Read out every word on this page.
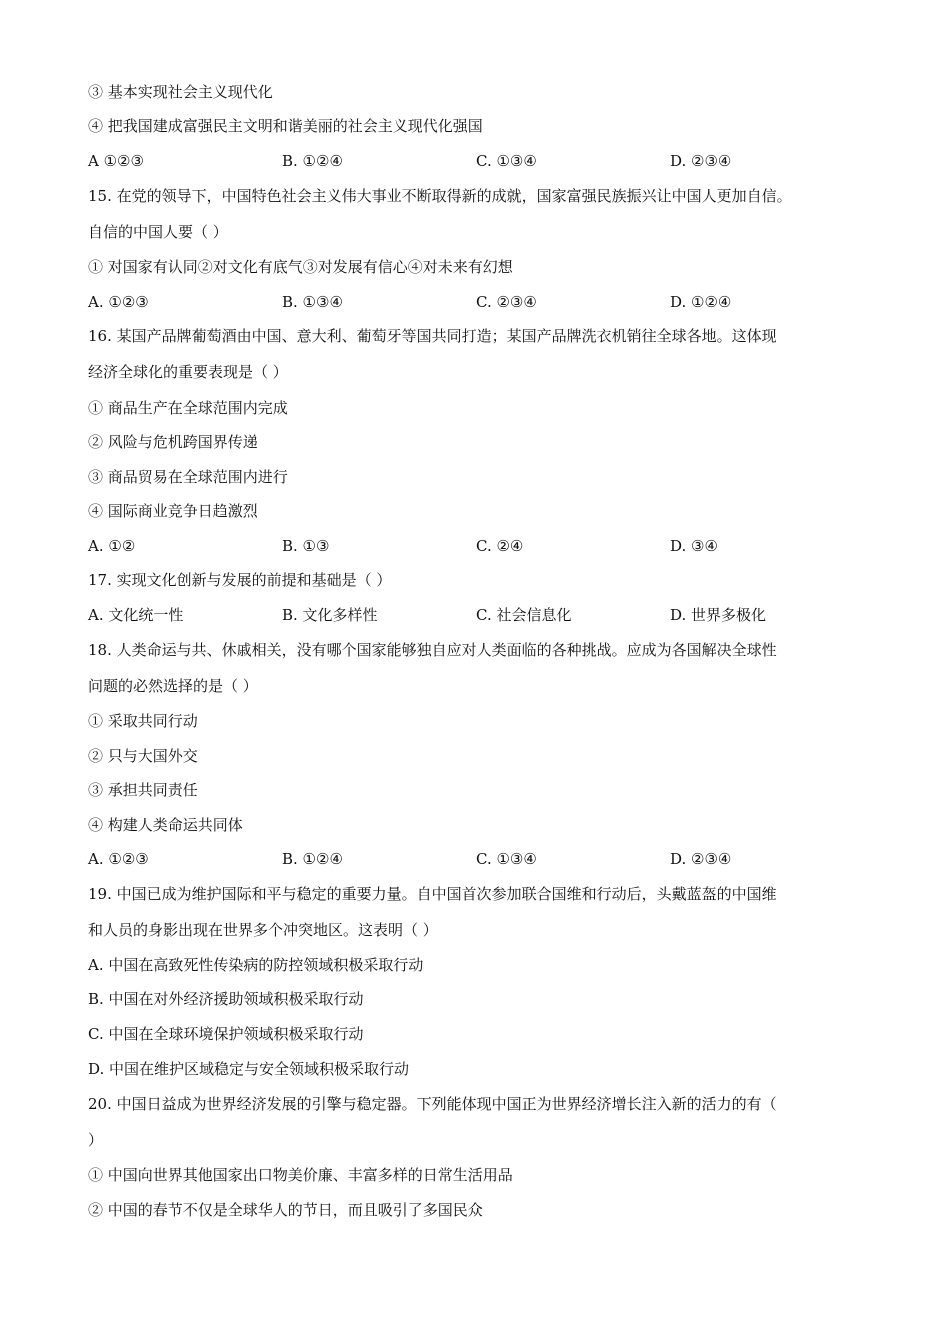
③ 基本实现社会主义现代化
④ 把我国建成富强民主文明和谐美丽的社会主义现代化强国
A ①②③	B. ①②④	C. ①③④	D. ②③④
15. 在党的领导下，中国特色社会主义伟大事业不断取得新的成就，国家富强民族振兴让中国人更加自信。
自信的中国人要（ ）
① 对国家有认同②对文化有底气③对发展有信心④对未来有幻想
A. ①②③	B. ①③④	C. ②③④	D. ①②④
16. 某国产品牌葡萄酒由中国、意大利、葡萄牙等国共同打造；某国产品牌洗衣机销往全球各地。这体现
经济全球化的重要表现是（ ）
① 商品生产在全球范围内完成
② 风险与危机跨国界传递
③ 商品贸易在全球范围内进行
④ 国际商业竞争日趋激烈
A. ①②	B. ①③	C. ②④	D. ③④
17. 实现文化创新与发展的前提和基础是（ ）
A. 文化统一性	B. 文化多样性	C. 社会信息化	D. 世界多极化
18. 人类命运与共、休戚相关，没有哪个国家能够独自应对人类面临的各种挑战。应成为各国解决全球性
问题的必然选择的是（ ）
① 采取共同行动
② 只与大国外交
③ 承担共同责任
④ 构建人类命运共同体
A. ①②③	B. ①②④	C. ①③④	D. ②③④
19. 中国已成为维护国际和平与稳定的重要力量。自中国首次参加联合国维和行动后，头戴蓝盔的中国维
和人员的身影出现在世界多个冲突地区。这表明（ ）
A. 中国在高致死性传染病的防控领域积极采取行动
B. 中国在对外经济援助领域积极采取行动
C. 中国在全球环境保护领域积极采取行动
D. 中国在维护区域稳定与安全领域积极采取行动
20. 中国日益成为世界经济发展的引擎与稳定器。下列能体现中国正为世界经济增长注入新的活力的有（
）
① 中国向世界其他国家出口物美价廉、丰富多样的日常生活用品
② 中国的春节不仅是全球华人的节日，而且吸引了多国民众
